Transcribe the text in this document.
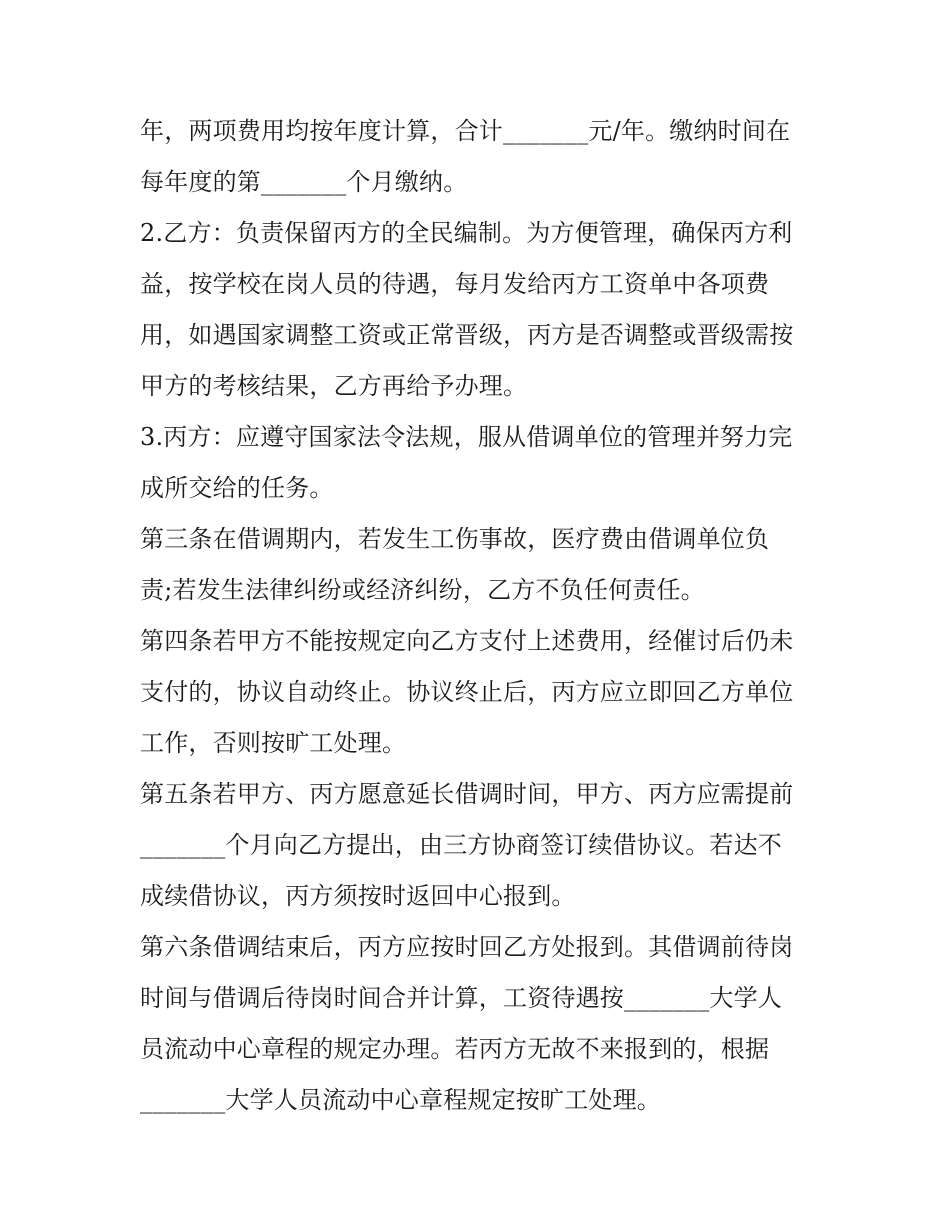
年，两项费用均按年度计算，合计_______元/年。缴纳时间在
每年度的第_______个月缴纳。
2.乙方：负责保留丙方的全民编制。为方便管理，确保丙方利
益，按学校在岗人员的待遇，每月发给丙方工资单中各项费
用，如遇国家调整工资或正常晋级，丙方是否调整或晋级需按
甲方的考核结果，乙方再给予办理。
3.丙方：应遵守国家法令法规，服从借调单位的管理并努力完
成所交给的任务。
第三条在借调期内，若发生工伤事故，医疗费由借调单位负
责;若发生法律纠纷或经济纠纷，乙方不负任何责任。
第四条若甲方不能按规定向乙方支付上述费用，经催讨后仍未
支付的，协议自动终止。协议终止后，丙方应立即回乙方单位
工作，否则按旷工处理。
第五条若甲方、丙方愿意延长借调时间，甲方、丙方应需提前
_______个月向乙方提出，由三方协商签订续借协议。若达不
成续借协议，丙方须按时返回中心报到。
第六条借调结束后，丙方应按时回乙方处报到。其借调前待岗
时间与借调后待岗时间合并计算，工资待遇按_______大学人
员流动中心章程的规定办理。若丙方无故不来报到的，根据
_______大学人员流动中心章程规定按旷工处理。
